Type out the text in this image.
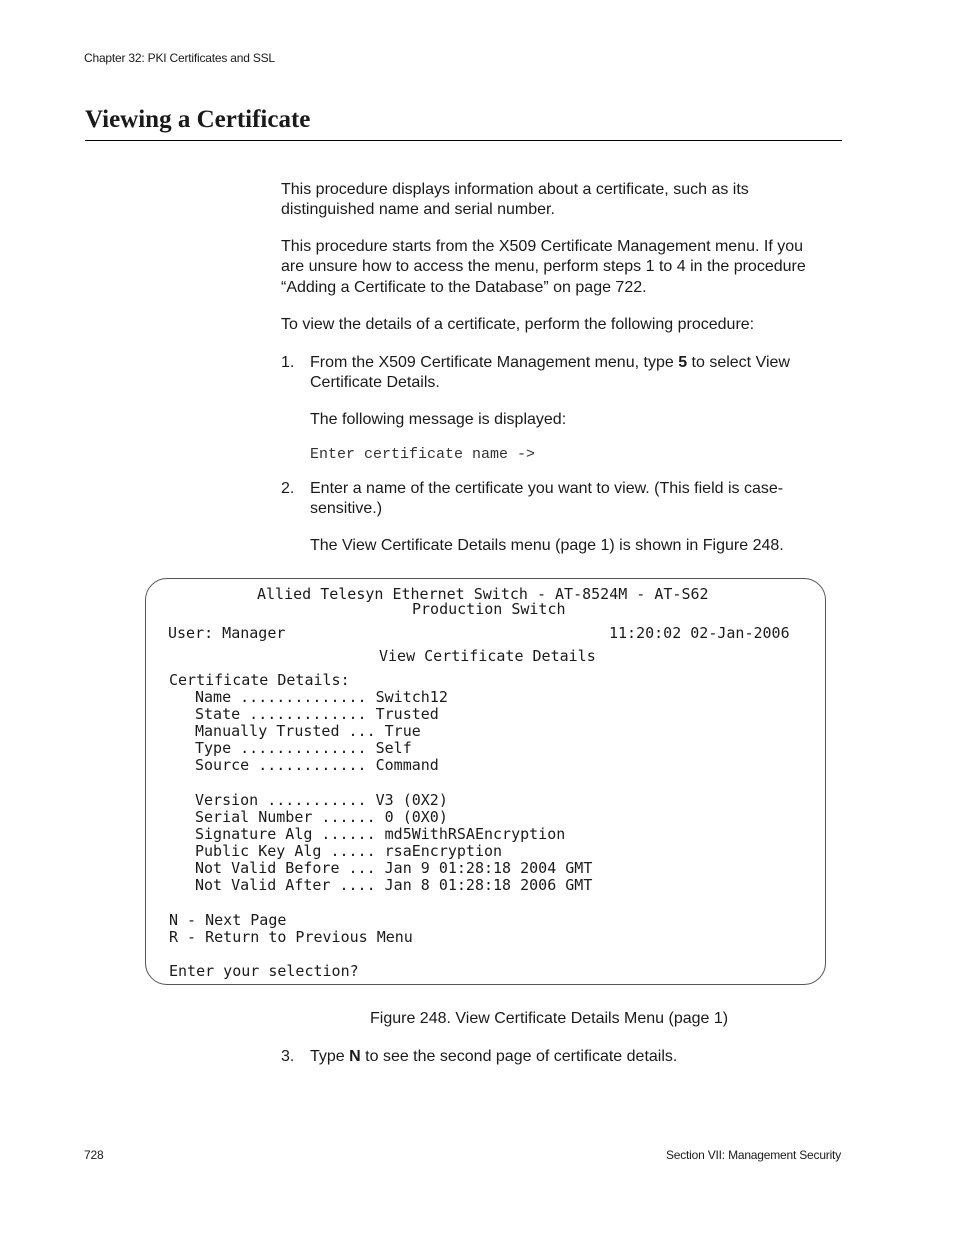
Chapter 32: PKI Certificates and SSL
Viewing a Certificate
This procedure displays information about a certificate, such as its
distinguished name and serial number.
This procedure starts from the X509 Certificate Management menu. If you
are unsure how to access the menu, perform steps 1 to 4 in the procedure
“Adding a Certificate to the Database” on page 722.
To view the details of a certificate, perform the following procedure:
1. From the X509 Certificate Management menu, type 5 to select View
Certificate Details.
The following message is displayed:
Enter certificate name ->
2. Enter a name of the certificate you want to view. (This field is case-
sensitive.)
The View Certificate Details menu (page 1) is shown in Figure 248.
3. Type N to see the second page of certificate details.
Allied Telesyn Ethernet Switch - AT-8524M - AT-S62
Production Switch
User: Manager	11:20:02 02-Jan-2006
View Certificate Details
Certificate Details:
Name .............. Switch12
State ............. Trusted
Manually Trusted ... True
Type .............. Self
Source ............ Command
Version ........... V3 (0X2)
Serial Number ...... 0 (0X0)
Signature Alg ...... md5WithRSAEncryption
Public Key Alg ..... rsaEncryption
Not Valid Before ... Jan 9 01:28:18 2004 GMT
Not Valid After .... Jan 8 01:28:18 2006 GMT
N - Next Page
R - Return to Previous Menu
Enter your selection?
Figure 248. View Certificate Details Menu (page 1)
728	Section VII: Management Security
